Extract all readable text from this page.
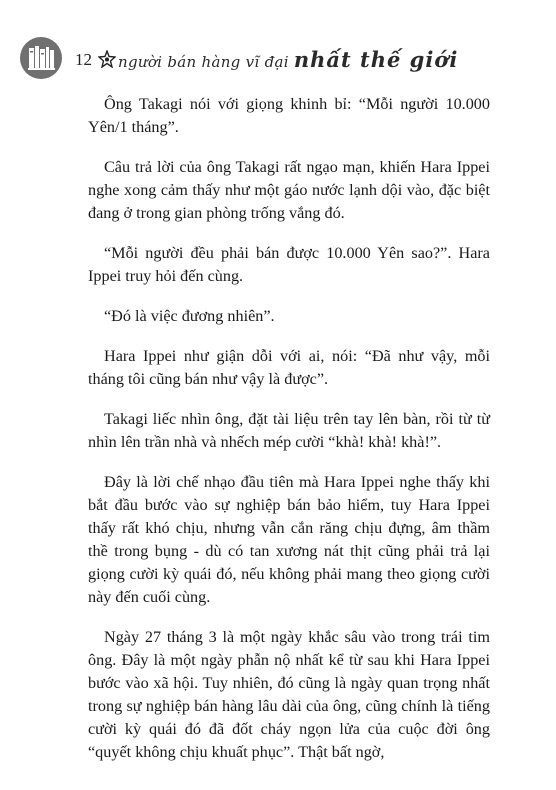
12 người bán hàng vĩ đại nhất thế giới

Ông Takagi nói với giọng khinh bỉ: “Mỗi người 10.000 Yên/1 tháng”.

Câu trả lời của ông Takagi rất ngạo mạn, khiến Hara Ippei nghe xong cảm thấy như một gáo nước lạnh dội vào, đặc biệt đang ở trong gian phòng trống vắng đó.

“Mỗi người đều phải bán được 10.000 Yên sao?”. Hara Ippei truy hỏi đến cùng.

“Đó là việc đương nhiên”.

Hara Ippei như giận dỗi với ai, nói: “Đã như vậy, mỗi tháng tôi cũng bán như vậy là được”.

Takagi liếc nhìn ông, đặt tài liệu trên tay lên bàn, rồi từ từ nhìn lên trần nhà và nhếch mép cười “khà! khà! khà!”.

Đây là lời chế nhạo đầu tiên mà Hara Ippei nghe thấy khi bắt đầu bước vào sự nghiệp bán bảo hiểm, tuy Hara Ippei thấy rất khó chịu, nhưng vẫn cắn răng chịu đựng, âm thầm thề trong bụng - dù có tan xương nát thịt cũng phải trả lại giọng cười kỳ quái đó, nếu không phải mang theo giọng cười này đến cuối cùng.

Ngày 27 tháng 3 là một ngày khắc sâu vào trong trái tim ông. Đây là một ngày phẫn nộ nhất kể từ sau khi Hara Ippei bước vào xã hội. Tuy nhiên, đó cũng là ngày quan trọng nhất trong sự nghiệp bán hàng lâu dài của ông, cũng chính là tiếng cười kỳ quái đó đã đốt cháy ngọn lửa của cuộc đời ông “quyết không chịu khuất phục”. Thật bất ngờ,
